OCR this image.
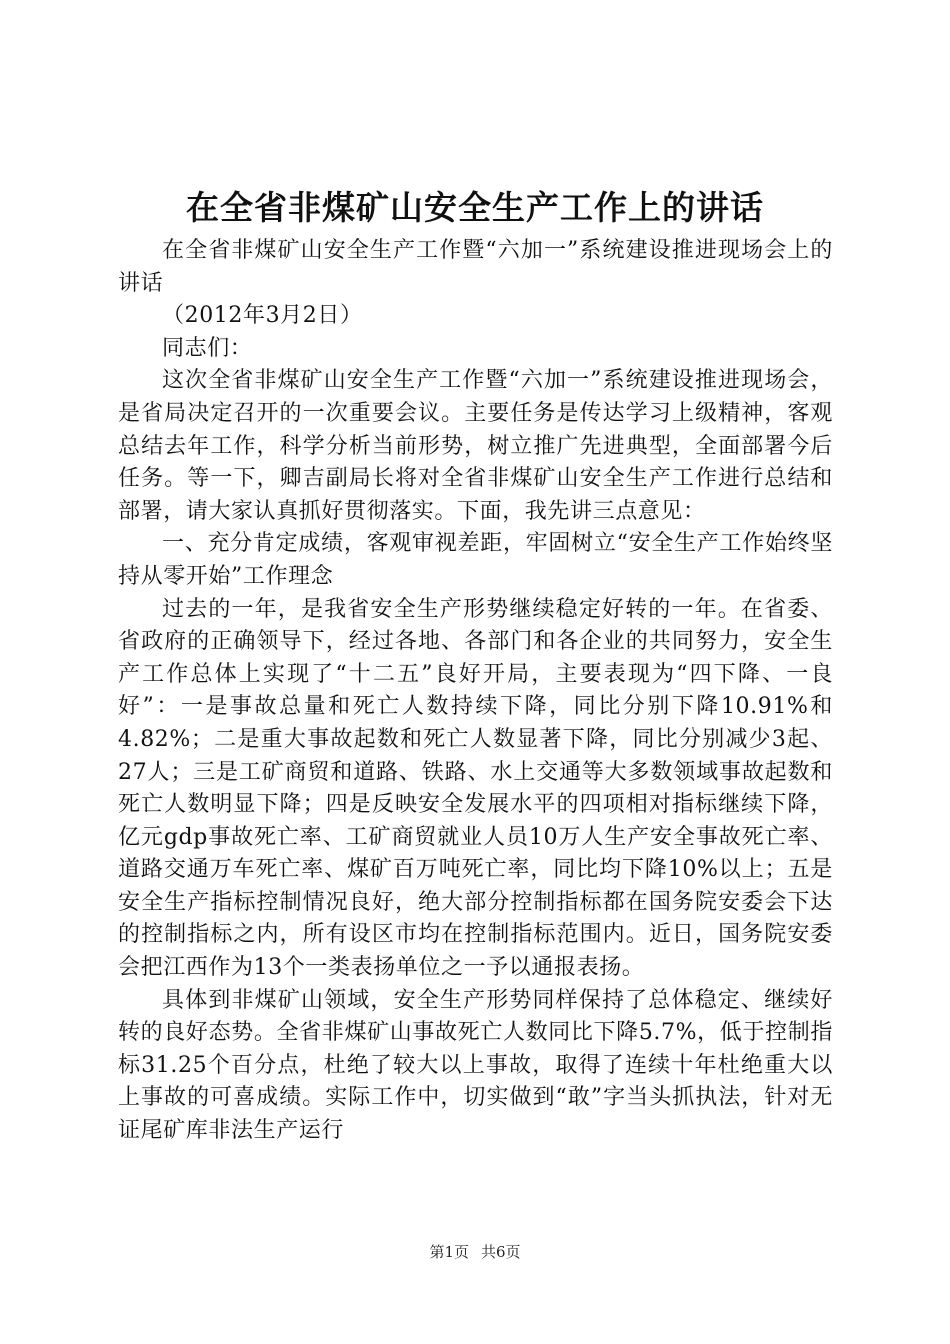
在全省非煤矿山安全生产工作上的讲话

在全省非煤矿山安全生产工作暨“六加一”系统建设推进现场会上的讲话

（2012年3月2日）

同志们：

这次全省非煤矿山安全生产工作暨“六加一”系统建设推进现场会，是省局决定召开的一次重要会议。主要任务是传达学习上级精神，客观总结去年工作，科学分析当前形势，树立推广先进典型，全面部署今后任务。等一下，卿吉副局长将对全省非煤矿山安全生产工作进行总结和部署，请大家认真抓好贯彻落实。下面，我先讲三点意见：

一、充分肯定成绩，客观审视差距，牢固树立“安全生产工作始终坚持从零开始”工作理念

过去的一年，是我省安全生产形势继续稳定好转的一年。在省委、省政府的正确领导下，经过各地、各部门和各企业的共同努力，安全生产工作总体上实现了“十二五”良好开局，主要表现为“四下降、一良好”：一是事故总量和死亡人数持续下降，同比分别下降10.91%和4.82%；二是重大事故起数和死亡人数显著下降，同比分别减少3起、27人；三是工矿商贸和道路、铁路、水上交通等大多数领域事故起数和死亡人数明显下降；四是反映安全发展水平的四项相对指标继续下降，亿元gdp事故死亡率、工矿商贸就业人员10万人生产安全事故死亡率、道路交通万车死亡率、煤矿百万吨死亡率，同比均下降10%以上；五是安全生产指标控制情况良好，绝大部分控制指标都在国务院安委会下达的控制指标之内，所有设区市均在控制指标范围内。近日，国务院安委会把江西作为13个一类表扬单位之一予以通报表扬。

具体到非煤矿山领域，安全生产形势同样保持了总体稳定、继续好转的良好态势。全省非煤矿山事故死亡人数同比下降5.7%，低于控制指标31.25个百分点，杜绝了较大以上事故，取得了连续十年杜绝重大以上事故的可喜成绩。实际工作中，切实做到“敢”字当头抓执法，针对无证尾矿库非法生产运行

第1页 共6页
